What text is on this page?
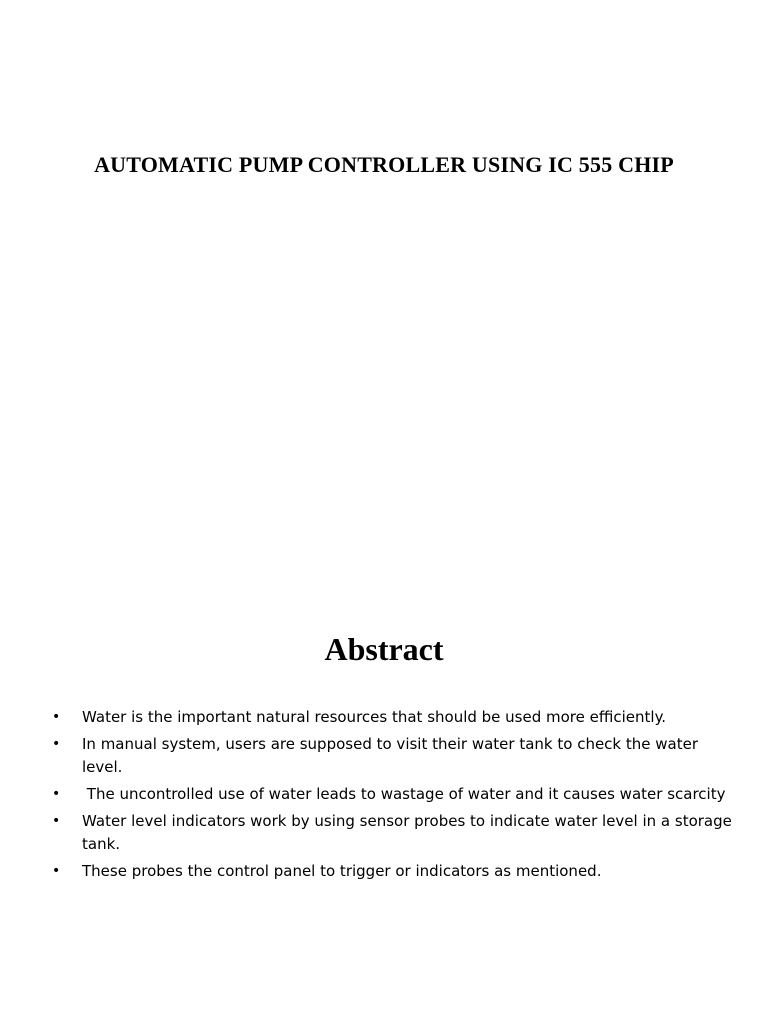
AUTOMATIC PUMP CONTROLLER USING IC 555 CHIP
Abstract
• Water is the important natural resources that should be used more efficiently.
• In manual system, users are supposed to visit their water tank to check the water level.
• The uncontrolled use of water leads to wastage of water and it causes water scarcity
• Water level indicators work by using sensor probes to indicate water level in a storage tank.
• These probes the control panel to trigger or indicators as mentioned.
